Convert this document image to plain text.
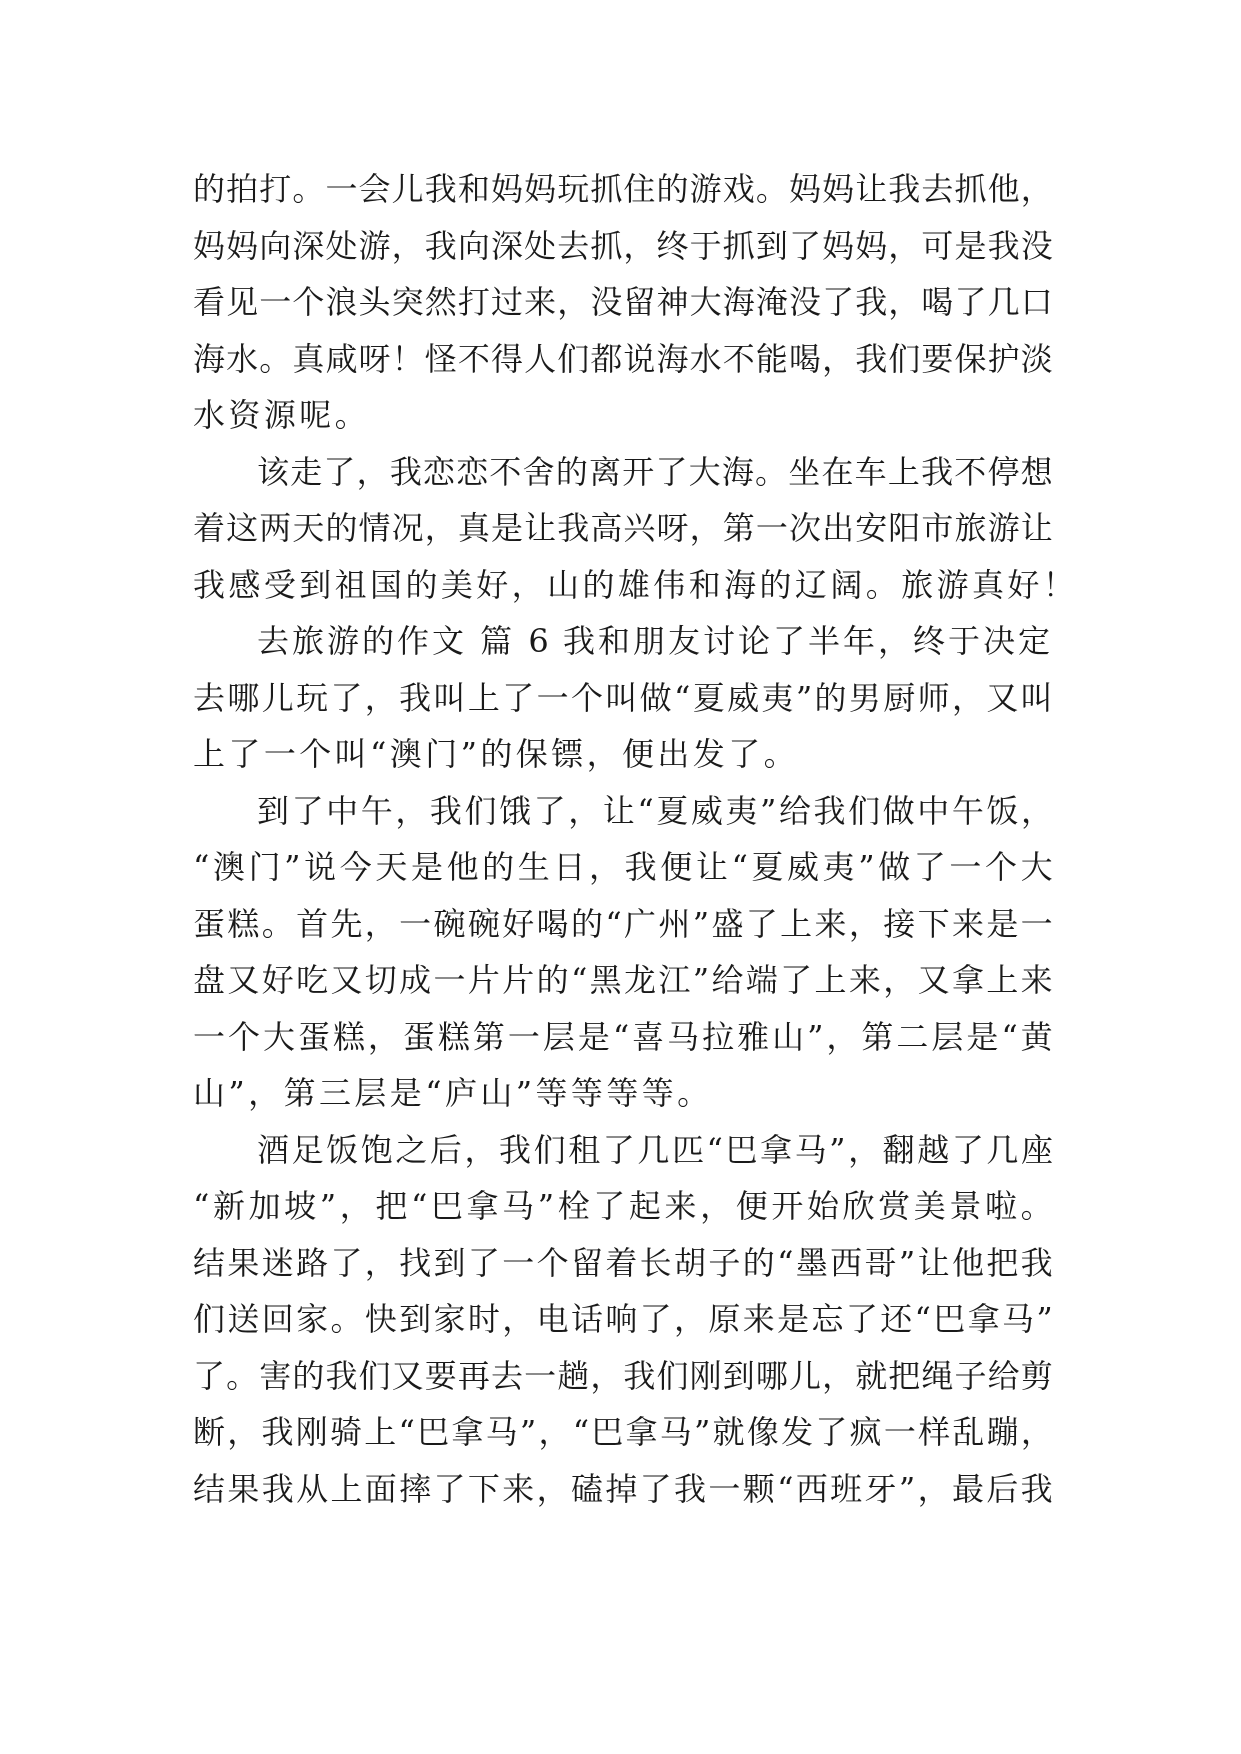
的 拍 打 。 一 会 儿 我 和 妈 妈 玩 抓 住 的 游 戏 。 妈 妈 让 我 去 抓 他 ，
妈 妈 向 深 处 游 ， 我 向 深 处 去 抓 ， 终 于 抓 到 了 妈 妈 ， 可 是 我 没
看 见 一 个 浪 头 突 然 打 过 来 ， 没 留 神 大 海 淹 没 了 我 ， 喝 了 几 口
海 水 。 真 咸 呀 ！ 怪 不 得 人 们 都 说 海 水 不 能 喝 ， 我 们 要 保 护 淡
水 资 源 呢 。
该 走 了 ， 我 恋 恋 不 舍 的 离 开 了 大 海 。 坐 在 车 上 我 不 停 想
着 这 两 天 的 情 况 ， 真 是 让 我 高 兴 呀 ， 第 一 次 出 安 阳 市 旅 游 让
我 感 受 到 祖 国 的 美 好 ， 山 的 雄 伟 和 海 的 辽 阔 。 旅 游 真 好 ！
去旅游的作文 篇 6 我和朋友讨论了半年，终于决定
去 哪 儿 玩 了 ， 我 叫 上 了 一 个 叫 做 “ 夏 威 夷 ” 的 男 厨 师 ， 又 叫
上 了 一 个 叫 “ 澳 门 ” 的 保 镖 ， 便 出 发 了 。
到 了 中 午 ， 我 们 饿 了 ， 让 “ 夏 威 夷 ” 给 我 们 做 中 午 饭 ，
“ 澳 门 ” 说 今 天 是 他 的 生 日 ， 我 便 让 “ 夏 威 夷 ” 做 了 一 个 大
蛋 糕 。 首 先 ， 一 碗 碗 好 喝 的 “ 广 州 ” 盛 了 上 来 ， 接 下 来 是 一
盘 又 好 吃 又 切 成 一 片 片 的 “ 黑 龙 江 ” 给 端 了 上 来 ， 又 拿 上 来
一 个 大 蛋 糕 ， 蛋 糕 第 一 层 是 “ 喜 马 拉 雅 山 ” ， 第 二 层 是 “ 黄
山 ” ， 第 三 层 是 “ 庐 山 ” 等 等 等 等 。
酒 足 饭 饱 之 后 ， 我 们 租 了 几 匹 “ 巴 拿 马 ” ， 翻 越 了 几 座
“ 新 加 坡 ” ， 把 “ 巴 拿 马 ” 栓 了 起 来 ， 便 开 始 欣 赏 美 景 啦 。
结 果 迷 路 了 ， 找 到 了 一 个 留 着 长 胡 子 的 “ 墨 西 哥 ” 让 他 把 我
们 送 回 家 。 快 到 家 时 ， 电 话 响 了 ， 原 来 是 忘 了 还 “ 巴 拿 马 ”
了 。 害 的 我 们 又 要 再 去 一 趟 ， 我 们 刚 到 哪 儿 ， 就 把 绳 子 给 剪
断 ， 我 刚 骑 上 “ 巴 拿 马 ” ， “ 巴 拿 马 ” 就 像 发 了 疯 一 样 乱 蹦 ，
结 果 我 从 上 面 摔 了 下 来 ， 磕 掉 了 我 一 颗 “ 西 班 牙 ” ， 最 后 我
